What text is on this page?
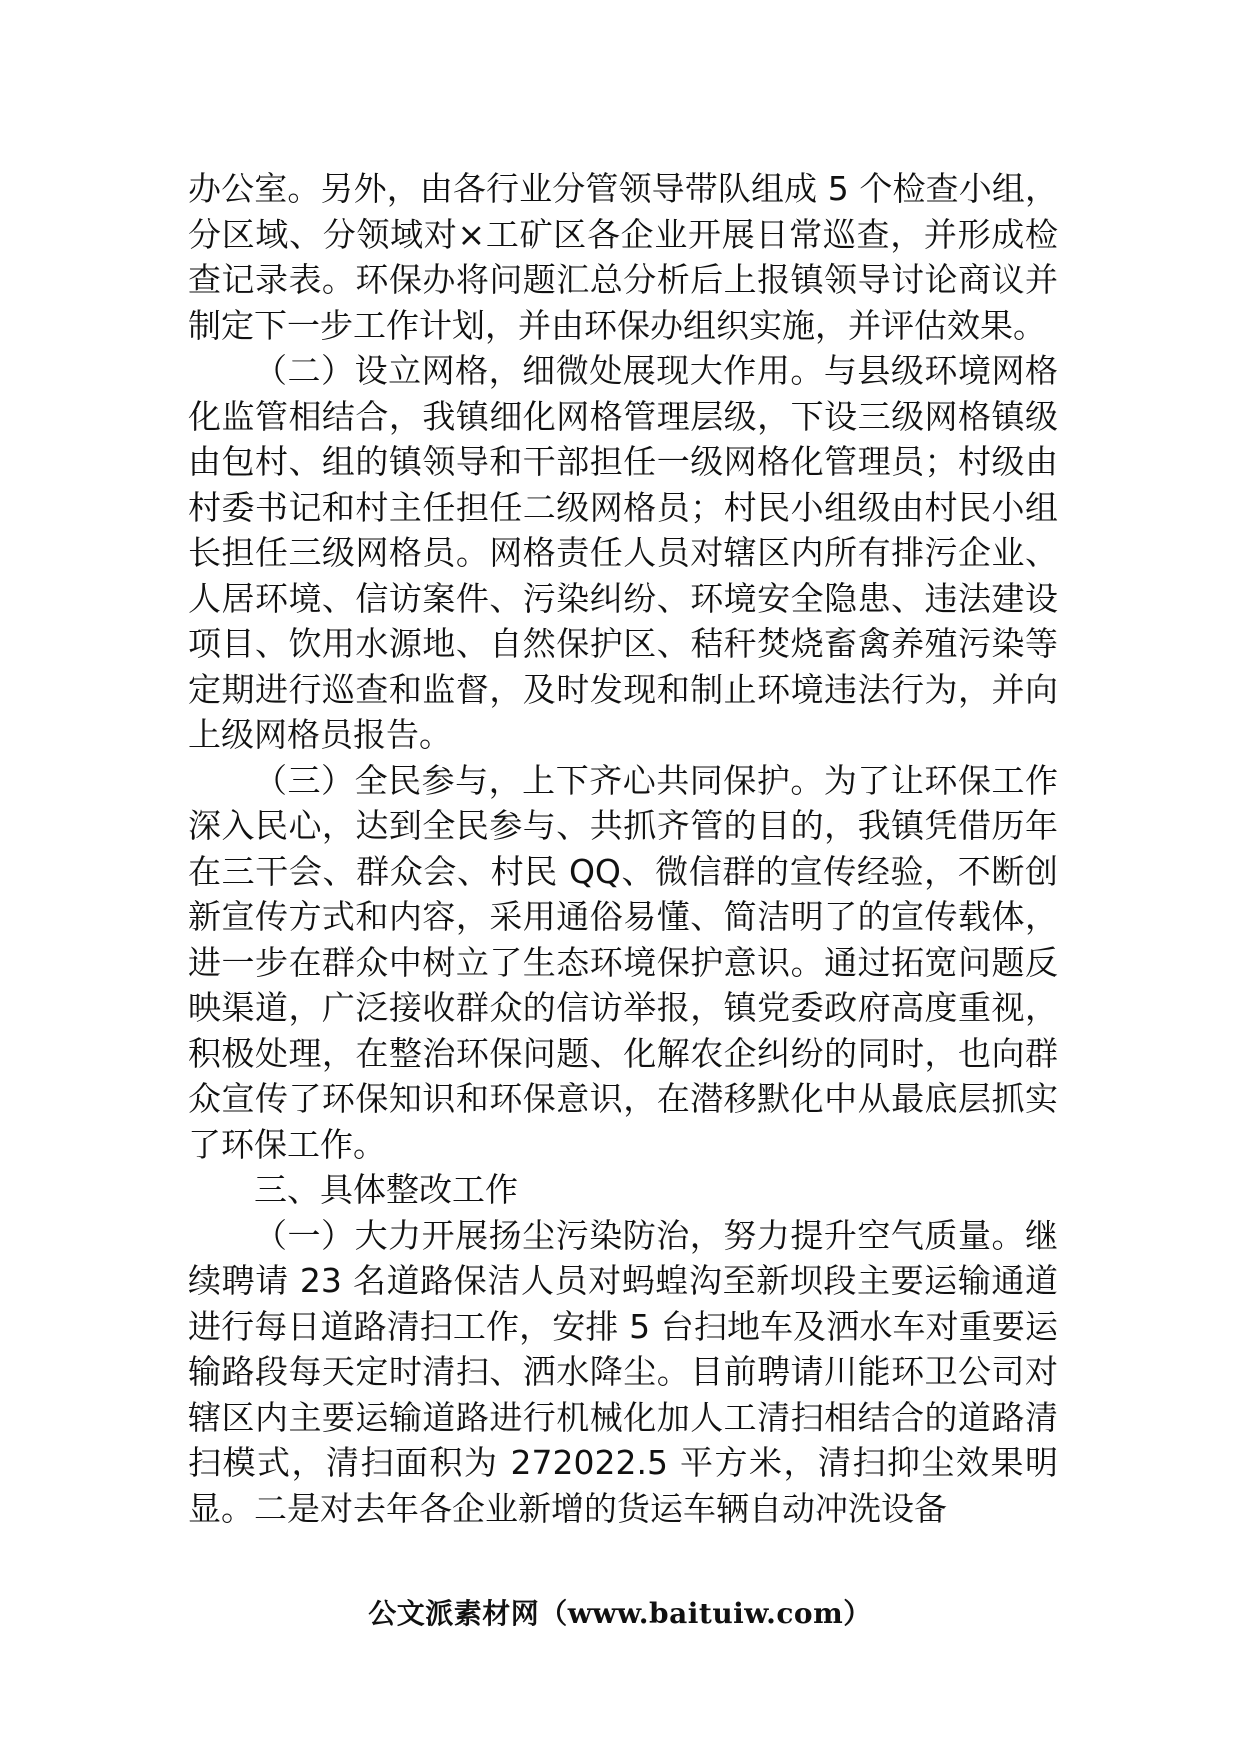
办公室。另外，由各行业分管领导带队组成 5 个检查小组，分区域、分领域对×工矿区各企业开展日常巡查，并形成检查记录表。环保办将问题汇总分析后上报镇领导讨论商议并制定下一步工作计划，并由环保办组织实施，并评估效果。

（二）设立网格，细微处展现大作用。与县级环境网格化监管相结合，我镇细化网格管理层级，下设三级网格镇级由包村、组的镇领导和干部担任一级网格化管理员；村级由村委书记和村主任担任二级网格员；村民小组级由村民小组长担任三级网格员。网格责任人员对辖区内所有排污企业、人居环境、信访案件、污染纠纷、环境安全隐患、违法建设项目、饮用水源地、自然保护区、秸秆焚烧畜禽养殖污染等定期进行巡查和监督，及时发现和制止环境违法行为，并向上级网格员报告。

（三）全民参与，上下齐心共同保护。为了让环保工作深入民心，达到全民参与、共抓齐管的目的，我镇凭借历年在三干会、群众会、村民 QQ、微信群的宣传经验，不断创新宣传方式和内容，采用通俗易懂、简洁明了的宣传载体，进一步在群众中树立了生态环境保护意识。通过拓宽问题反映渠道，广泛接收群众的信访举报，镇党委政府高度重视，积极处理，在整治环保问题、化解农企纠纷的同时，也向群众宣传了环保知识和环保意识，在潜移默化中从最底层抓实了环保工作。

三、具体整改工作

（一）大力开展扬尘污染防治，努力提升空气质量。继续聘请 23 名道路保洁人员对蚂蝗沟至新坝段主要运输通道进行每日道路清扫工作，安排 5 台扫地车及洒水车对重要运输路段每天定时清扫、洒水降尘。目前聘请川能环卫公司对辖区内主要运输道路进行机械化加人工清扫相结合的道路清扫模式，清扫面积为 272022.5 平方米，清扫抑尘效果明显。二是对去年各企业新增的货运车辆自动冲洗设备

公文派素材网（www.baituiw.com）
